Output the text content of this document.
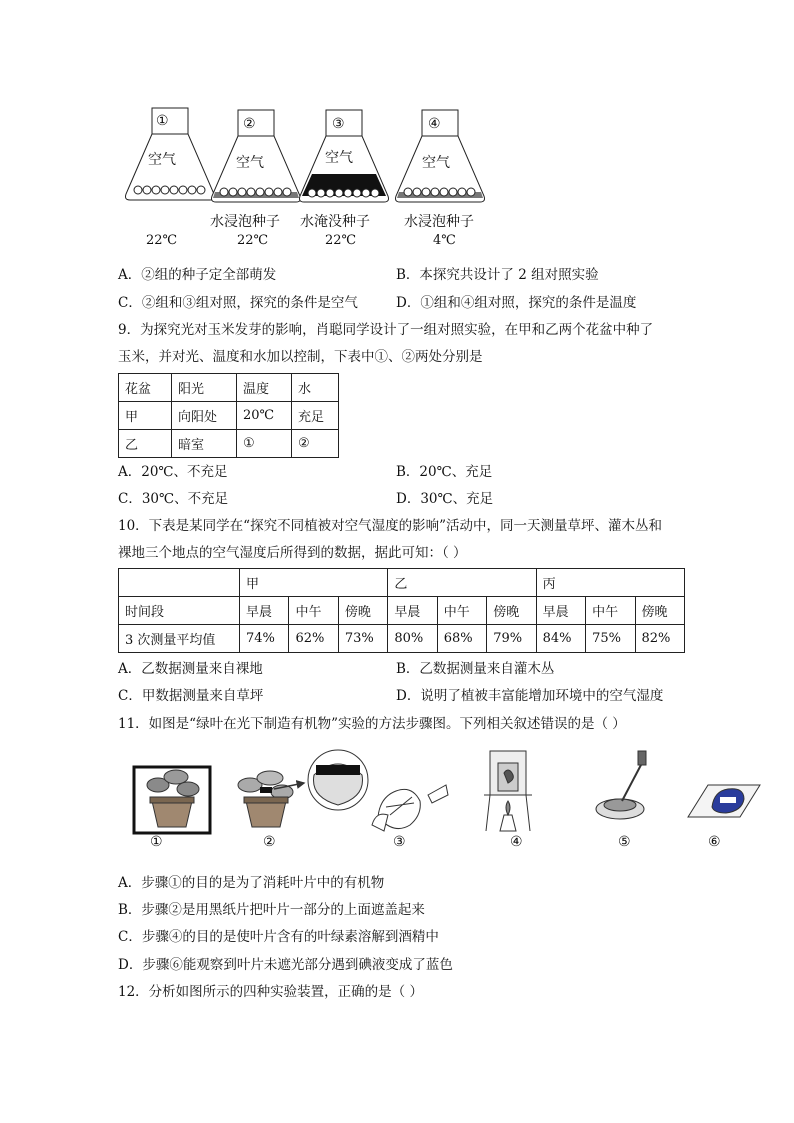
①
空气
22℃
②
空气
水浸泡种子
22℃
③
空气
水淹没种子
22℃
④
空气
水浸泡种子
4℃
A．②组的种子定全部萌发	B．本探究共设计了 2 组对照实验
C．②组和③组对照，探究的条件是空气	D．①组和④组对照，探究的条件是温度
9．为探究光对玉米发芽的影响，肖聪同学设计了一组对照实验，在甲和乙两个花盆中种了
玉米，并对光、温度和水加以控制，下表中①、②两处分别是
花盆	阳光	温度	水
甲	向阳处	20℃	充足
乙	暗室	①	②
A．20℃、不充足	B．20℃、充足
C．30℃、不充足	D．30℃、充足
10．下表是某同学在“探究不同植被对空气湿度的影响”活动中，同一天测量草坪、灌木丛和
裸地三个地点的空气湿度后所得到的数据，据此可知：（ ）
	甲			乙			丙		
时间段	早晨	中午	傍晚	早晨	中午	傍晚	早晨	中午	傍晚
3 次测量平均值	74%	62%	73%	80%	68%	79%	84%	75%	82%
A．乙数据测量来自裸地	B．乙数据测量来自灌木丛
C．甲数据测量来自草坪	D．说明了植被丰富能增加环境中的空气湿度
11．如图是“绿叶在光下制造有机物”实验的方法步骤图。下列相关叙述错误的是（ ）
①	②	③	④	⑤	⑥
A．步骤①的目的是为了消耗叶片中的有机物
B．步骤②是用黑纸片把叶片一部分的上面遮盖起来
C．步骤④的目的是使叶片含有的叶绿素溶解到酒精中
D．步骤⑥能观察到叶片未遮光部分遇到碘液变成了蓝色
12．分析如图所示的四种实验装置，正确的是（ ）
